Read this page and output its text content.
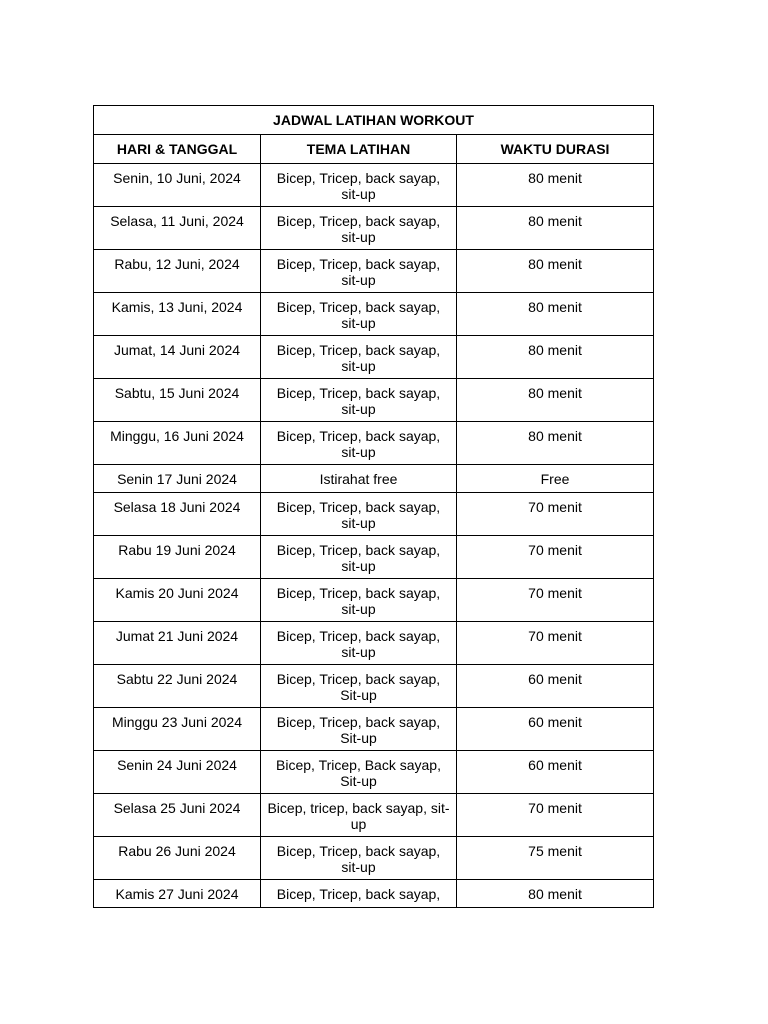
JADWAL LATIHAN WORKOUT		
HARI & TANGGAL	TEMA LATIHAN	WAKTU DURASI
Senin, 10 Juni, 2024	Bicep, Tricep, back sayap, sit-up	80 menit
Selasa, 11 Juni, 2024	Bicep, Tricep, back sayap, sit-up	80 menit
Rabu, 12 Juni, 2024	Bicep, Tricep, back sayap, sit-up	80 menit
Kamis, 13 Juni, 2024	Bicep, Tricep, back sayap, sit-up	80 menit
Jumat, 14 Juni 2024	Bicep, Tricep, back sayap, sit-up	80 menit
Sabtu, 15 Juni 2024	Bicep, Tricep, back sayap, sit-up	80 menit
Minggu, 16 Juni 2024	Bicep, Tricep, back sayap, sit-up	80 menit
Senin 17 Juni 2024	Istirahat free	Free
Selasa 18 Juni 2024	Bicep, Tricep, back sayap, sit-up	70 menit
Rabu 19 Juni 2024	Bicep, Tricep, back sayap, sit-up	70 menit
Kamis 20 Juni 2024	Bicep, Tricep, back sayap, sit-up	70 menit
Jumat 21 Juni 2024	Bicep, Tricep, back sayap, sit-up	70 menit
Sabtu 22 Juni 2024	Bicep, Tricep, back sayap, Sit-up	60 menit
Minggu 23 Juni 2024	Bicep, Tricep, back sayap, Sit-up	60 menit
Senin 24 Juni 2024	Bicep, Tricep, Back sayap, Sit-up	60 menit
Selasa 25 Juni 2024	Bicep, tricep, back sayap, sit-up	70 menit
Rabu 26 Juni 2024	Bicep, Tricep, back sayap, sit-up	75 menit
Kamis 27 Juni 2024	Bicep, Tricep, back sayap,	80 menit
